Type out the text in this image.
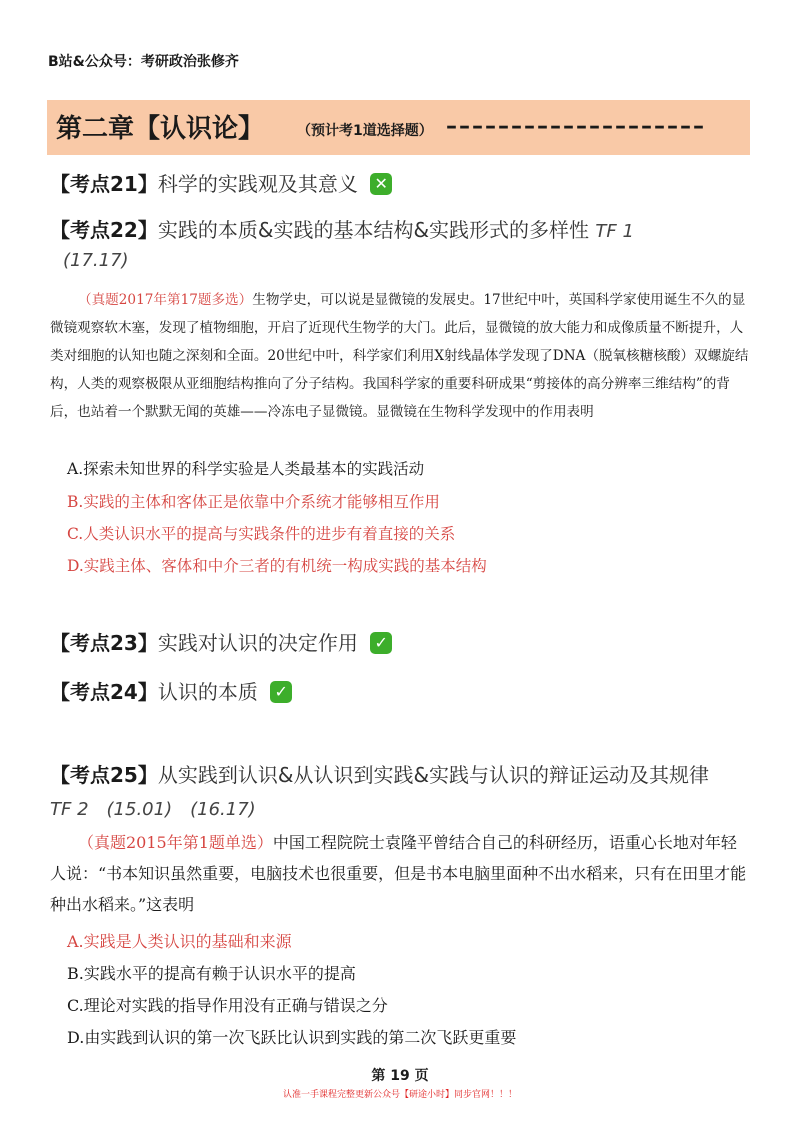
B站&公众号：考研政治张修齐
第二章【认识论】 （预计考1道选择题） ––––––––––––––––––––
【考点21】科学的实践观及其意义 ✕
【考点22】实践的本质&实践的基本结构&实践形式的多样性 TF 1
(17.17)
（真题2017年第17题多选）生物学史，可以说是显微镜的发展史。17世纪中叶，英国科学家使用诞生不久的显微镜观察软木塞，发现了植物细胞，开启了近现代生物学的大门。此后，显微镜的放大能力和成像质量不断提升，人类对细胞的认知也随之深刻和全面。20世纪中叶，科学家们利用X射线晶体学发现了DNA（脱氧核糖核酸）双螺旋结构，人类的观察极限从亚细胞结构推向了分子结构。我国科学家的重要科研成果“剪接体的高分辨率三维结构”的背后，也站着一个默默无闻的英雄——冷冻电子显微镜。显微镜在生物科学发现中的作用表明
A.探索未知世界的科学实验是人类最基本的实践活动
B.实践的主体和客体正是依靠中介系统才能够相互作用
C.人类认识水平的提高与实践条件的进步有着直接的关系
D.实践主体、客体和中介三者的有机统一构成实践的基本结构
【考点23】实践对认识的决定作用 ✓
【考点24】认识的本质 ✓
【考点25】从实践到认识&从认识到实践&实践与认识的辩证运动及其规律
TF 2　(15.01)　(16.17)
（真题2015年第1题单选）中国工程院院士袁隆平曾结合自己的科研经历，语重心长地对年轻人说：“书本知识虽然重要，电脑技术也很重要，但是书本电脑里面种不出水稻来，只有在田里才能种出水稻来。”这表明
A.实践是人类认识的基础和来源
B.实践水平的提高有赖于认识水平的提高
C.理论对实践的指导作用没有正确与错误之分
D.由实践到认识的第一次飞跃比认识到实践的第二次飞跃更重要
第 19 页
认准一手课程完整更新公众号【研途小时】同步官网！！！
